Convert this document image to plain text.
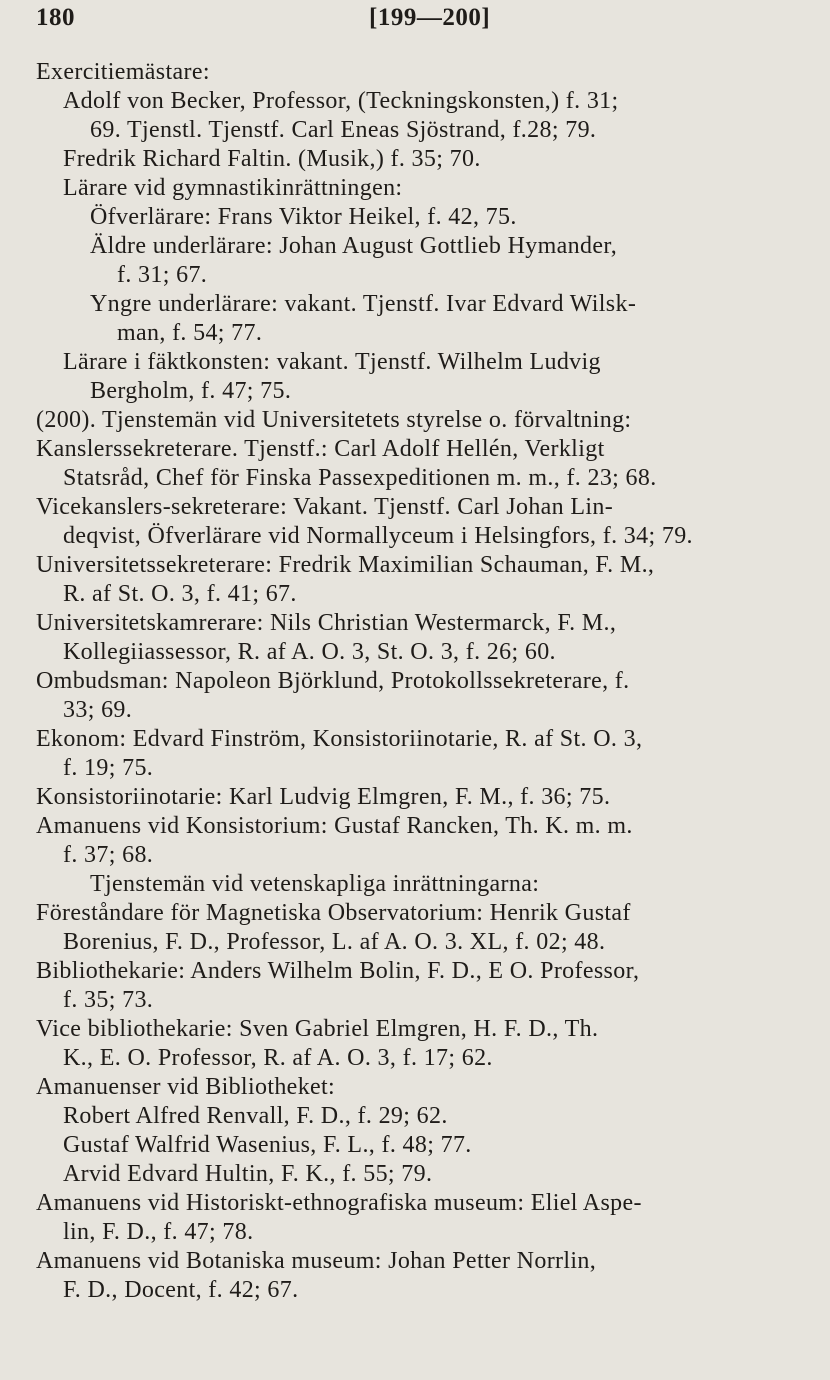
180	[199—200]
Exercitiemästare:
Adolf von Becker, Professor, (Teckningskonsten,) f. 31;
69. Tjenstl. Tjenstf. Carl Eneas Sjöstrand, f.28; 79.
Fredrik Richard Faltin. (Musik,) f. 35; 70.
Lärare vid gymnastikinrättningen:
Öfverlärare: Frans Viktor Heikel, f. 42, 75.
Äldre underlärare: Johan August Gottlieb Hymander,
f. 31; 67.
Yngre underlärare: vakant. Tjenstf. Ivar Edvard Wilsk-
man, f. 54; 77.
Lärare i fäktkonsten: vakant. Tjenstf. Wilhelm Ludvig
Bergholm, f. 47; 75.
(200). Tjenstemän vid Universitetets styrelse o. förvaltning:
Kanslerssekreterare. Tjenstf.: Carl Adolf Hellén, Verkligt
Statsråd, Chef för Finska Passexpeditionen m. m., f. 23; 68.
Vicekanslers-sekreterare: Vakant. Tjenstf. Carl Johan Lin-
deqvist, Öfverlärare vid Normallyceum i Helsingfors, f. 34; 79.
Universitetssekreterare: Fredrik Maximilian Schauman, F. M.,
R. af St. O. 3, f. 41; 67.
Universitetskamrerare: Nils Christian Westermarck, F. M.,
Kollegiiassessor, R. af A. O. 3, St. O. 3, f. 26; 60.
Ombudsman: Napoleon Björklund, Protokollssekreterare, f.
33; 69.
Ekonom: Edvard Finström, Konsistoriinotarie, R. af St. O. 3,
f. 19; 75.
Konsistoriinotarie: Karl Ludvig Elmgren, F. M., f. 36; 75.
Amanuens vid Konsistorium: Gustaf Rancken, Th. K. m. m.
f. 37; 68.
Tjenstemän vid vetenskapliga inrättningarna:
Föreståndare för Magnetiska Observatorium: Henrik Gustaf
Borenius, F. D., Professor, L. af A. O. 3. XL, f. 02; 48.
Bibliothekarie: Anders Wilhelm Bolin, F. D., E O. Professor,
f. 35; 73.
Vice bibliothekarie: Sven Gabriel Elmgren, H. F. D., Th.
K., E. O. Professor, R. af A. O. 3, f. 17; 62.
Amanuenser vid Bibliotheket:
Robert Alfred Renvall, F. D., f. 29; 62.
Gustaf Walfrid Wasenius, F. L., f. 48; 77.
Arvid Edvard Hultin, F. K., f. 55; 79.
Amanuens vid Historiskt-ethnografiska museum: Eliel Aspe-
lin, F. D., f. 47; 78.
Amanuens vid Botaniska museum: Johan Petter Norrlin,
F. D., Docent, f. 42; 67.
